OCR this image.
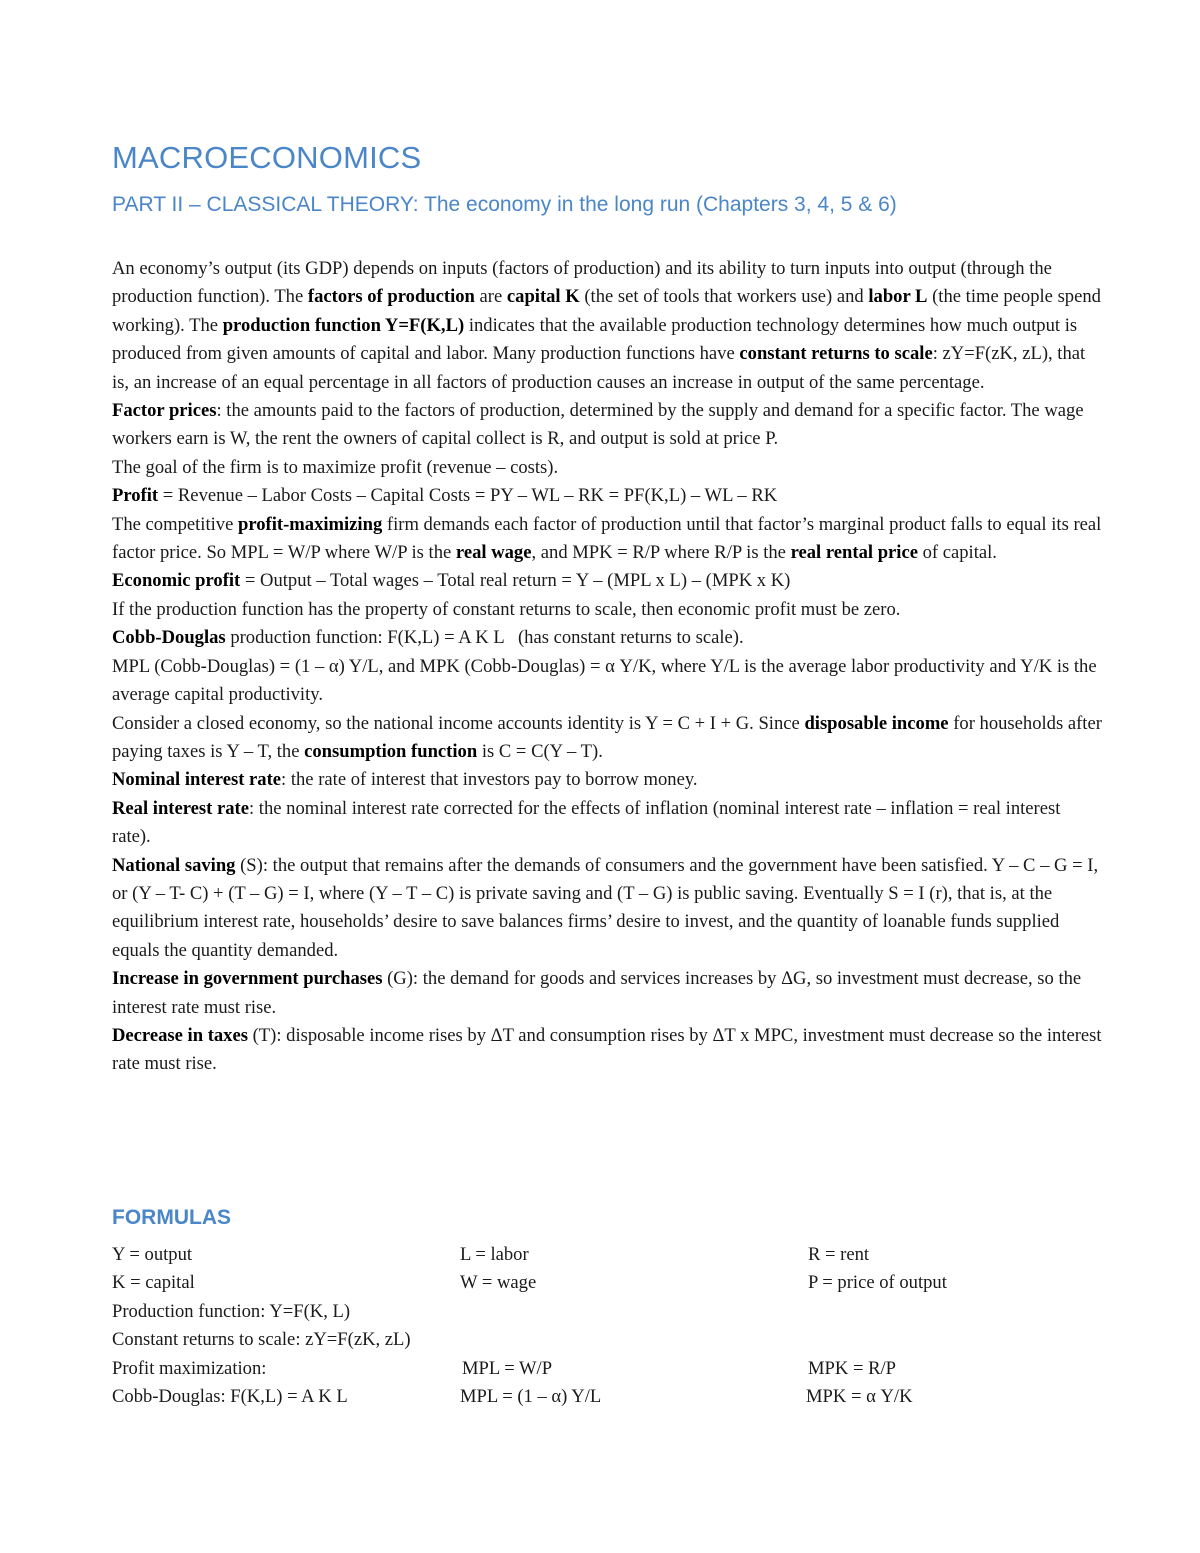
MACROECONOMICS
PART II – CLASSICAL THEORY: The economy in the long run (Chapters 3, 4, 5 & 6)

An economy’s output (its GDP) depends on inputs (factors of production) and its ability to turn inputs into output (through the production function). The factors of production are capital K (the set of tools that workers use) and labor L (the time people spend working). The production function Y=F(K,L) indicates that the available production technology determines how much output is produced from given amounts of capital and labor. Many production functions have constant returns to scale: zY=F(zK, zL), that is, an increase of an equal percentage in all factors of production causes an increase in output of the same percentage.

Factor prices: the amounts paid to the factors of production, determined by the supply and demand for a specific factor. The wage workers earn is W, the rent the owners of capital collect is R, and output is sold at price P.

The goal of the firm is to maximize profit (revenue – costs).

Profit = Revenue – Labor Costs – Capital Costs = PY – WL – RK = PF(K,L) – WL – RK

The competitive profit-maximizing firm demands each factor of production until that factor’s marginal product falls to equal its real factor price. So MPL = W/P where W/P is the real wage, and MPK = R/P where R/P is the real rental price of capital.

Economic profit = Output – Total wages – Total real return = Y – (MPL x L) – (MPK x K)

If the production function has the property of constant returns to scale, then economic profit must be zero.

Cobb-Douglas production function: F(K,L) = A K L   (has constant returns to scale).

MPL (Cobb-Douglas) = (1 – α) Y/L, and MPK (Cobb-Douglas) = α Y/K, where Y/L is the average labor productivity and Y/K is the average capital productivity.

Consider a closed economy, so the national income accounts identity is Y = C + I + G. Since disposable income for households after paying taxes is Y – T, the consumption function is C = C(Y – T).

Nominal interest rate: the rate of interest that investors pay to borrow money.

Real interest rate: the nominal interest rate corrected for the effects of inflation (nominal interest rate – inflation = real interest rate).

National saving (S): the output that remains after the demands of consumers and the government have been satisfied. Y – C – G = I, or (Y – T- C) + (T – G) = I, where (Y – T – C) is private saving and (T – G) is public saving. Eventually S = I (r), that is, at the equilibrium interest rate, households’ desire to save balances firms’ desire to invest, and the quantity of loanable funds supplied equals the quantity demanded.

Increase in government purchases (G): the demand for goods and services increases by ΔG, so investment must decrease, so the interest rate must rise.

Decrease in taxes (T): disposable income rises by ΔT and consumption rises by ΔT x MPC, investment must decrease so the interest rate must rise.

FORMULAS
Y = output	L = labor	R = rent
K = capital	W = wage	P = price of output
Production function: Y=F(K, L)
Constant returns to scale: zY=F(zK, zL)
Profit maximization:	MPL = W/P	MPK = R/P
Cobb-Douglas: F(K,L) = A K L	MPL = (1 – α) Y/L	MPK = α Y/K
